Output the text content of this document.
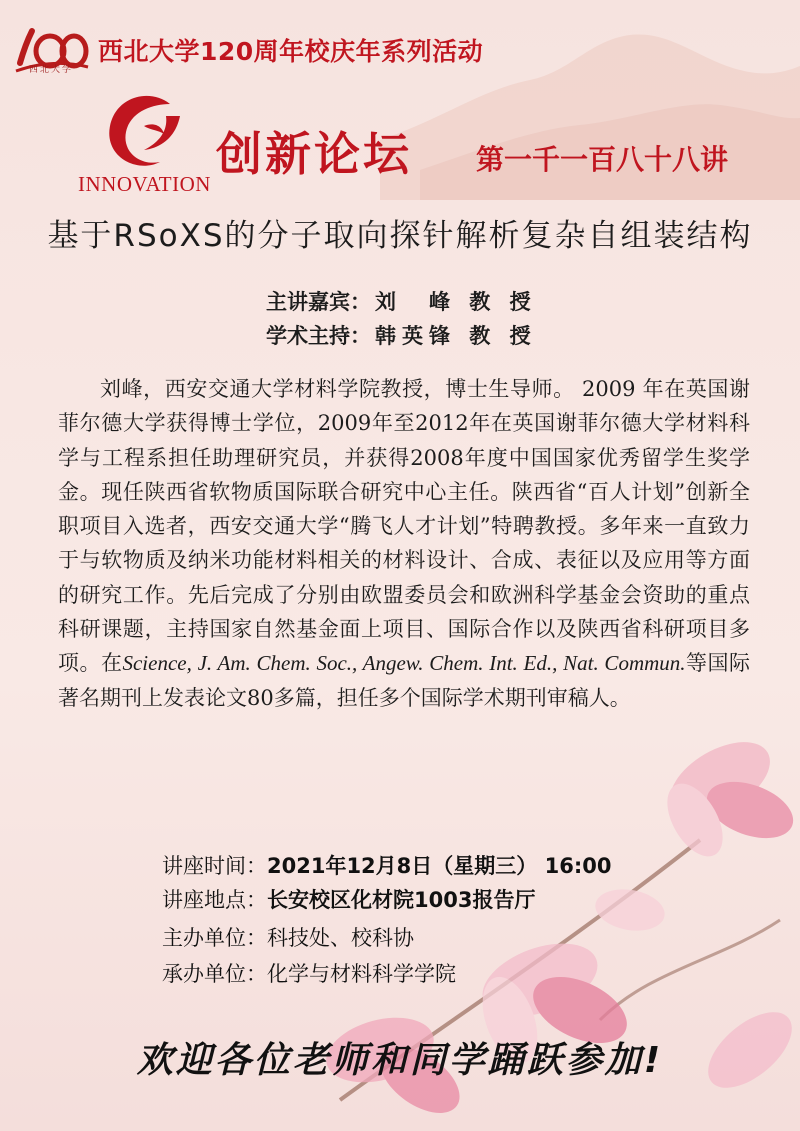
西北大学
西北大学120周年校庆年系列活动
INNOVATION
创新论坛 第一千一百八十八讲
基于RSoXS的分子取向探针解析复杂自组装结构
主讲嘉宾： 刘　峰 教 授
学术主持： 韩英锋 教 授
刘峰，西安交通大学材料学院教授，博士生导师。 2009 年在英国谢菲尔德大学获得博士学位，2009年至2012年在英国谢菲尔德大学材料科学与工程系担任助理研究员，并获得2008年度中国国家优秀留学生奖学金。现任陕西省软物质国际联合研究中心主任。陕西省“百人计划”创新全职项目入选者，西安交通大学“腾飞人才计划”特聘教授。多年来一直致力于与软物质及纳米功能材料相关的材料设计、合成、表征以及应用等方面的研究工作。先后完成了分别由欧盟委员会和欧洲科学基金会资助的重点科研课题，主持国家自然基金面上项目、国际合作以及陕西省科研项目多项。在Science, J. Am. Chem. Soc., Angew. Chem. Int. Ed., Nat. Commun.等国际著名期刊上发表论文80多篇，担任多个国际学术期刊审稿人。
讲座时间：2021年12月8日（星期三） 16:00
讲座地点：长安校区化材院1003报告厅
主办单位：科技处、校科协
承办单位：化学与材料科学学院
欢迎各位老师和同学踊跃参加!
